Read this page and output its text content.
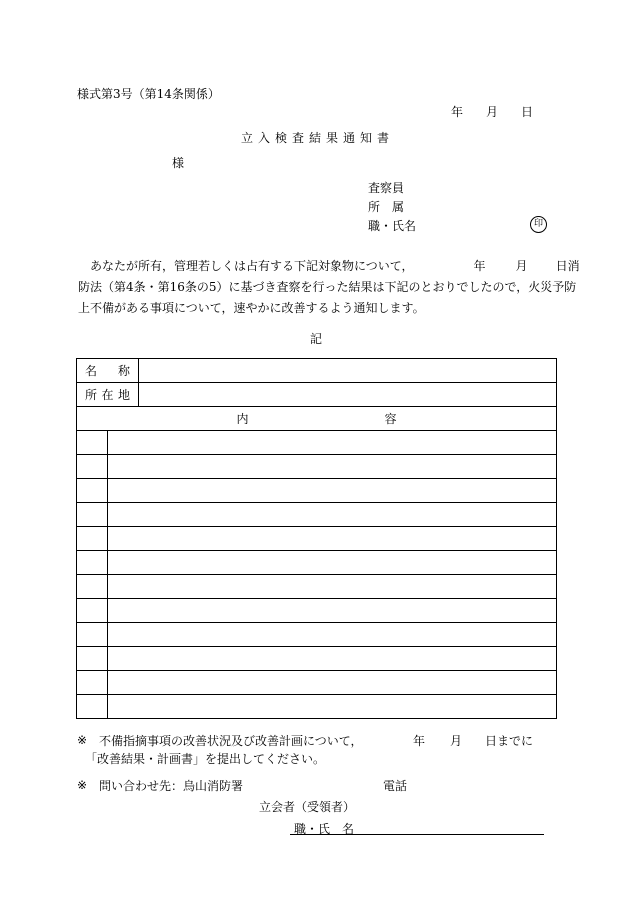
様式第3号（第14条関係）
年 月 日
立入検査結果通知書
様
査察員
所　属
職・氏名	印
あなたが所有，管理若しくは占有する下記対象物について，	年	月 日消
防法（第4条・第16条の5）に基づき査察を行った結果は下記のとおりでしたので，火災予防
上不備がある事項について，速やかに改善するよう通知します。
記
名 称		

所 在 地		

内 容		

※ 不備指摘事項の改善状況及び改善計画について，	年 月 日までに
「改善結果・計画書」を提出してください。
※ 問い合わせ先：烏山消防署	電話
立会者（受領者）
職・氏　名
